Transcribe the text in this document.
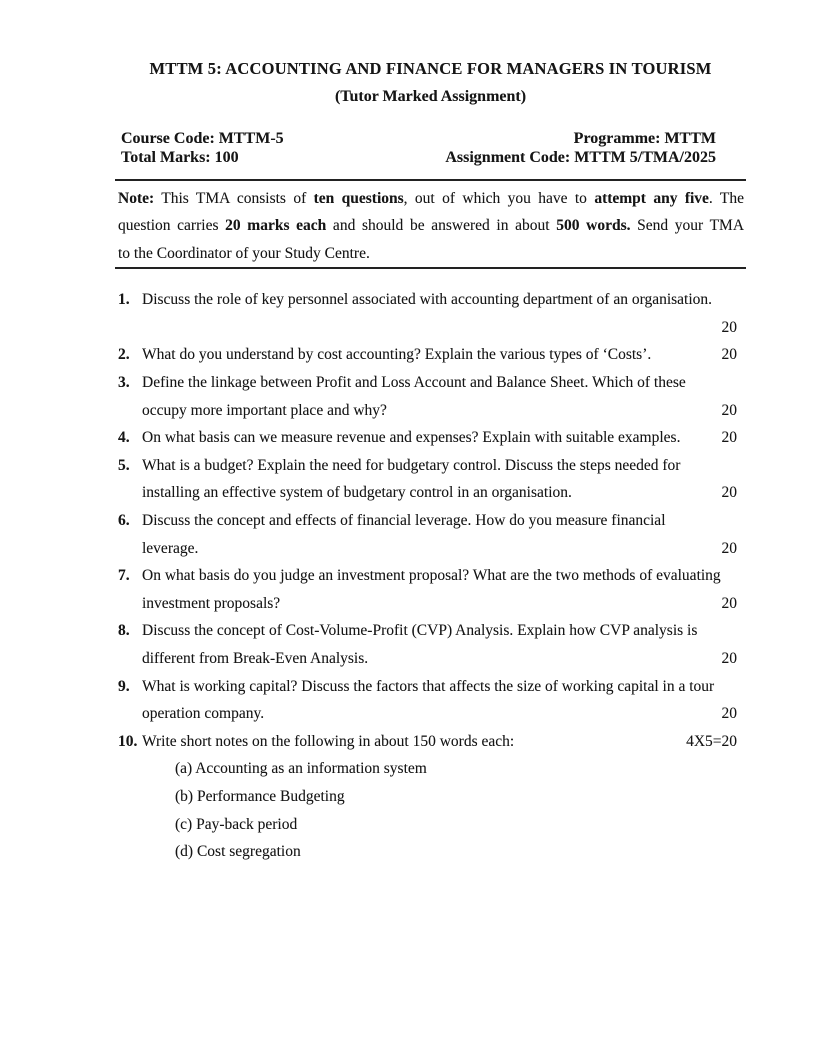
MTTM 5: ACCOUNTING AND FINANCE FOR MANAGERS IN TOURISM
(Tutor Marked Assignment)
Course Code: MTTM-5
Total Marks: 100
Programme: MTTM
Assignment Code: MTTM 5/TMA/2025
Note: This TMA consists of ten questions, out of which you have to attempt any five. The
question carries 20 marks each and should be answered in about 500 words. Send your TMA
to the Coordinator of your Study Centre.
1. Discuss the role of key personnel associated with accounting department of an organisation.
20
2. What do you understand by cost accounting? Explain the various types of ‘Costs’.	20
3. Define the linkage between Profit and Loss Account and Balance Sheet. Which of these
occupy more important place and why?	20
4. On what basis can we measure revenue and expenses? Explain with suitable examples.	20
5. What is a budget? Explain the need for budgetary control. Discuss the steps needed for
installing an effective system of budgetary control in an organisation.	20
6. Discuss the concept and effects of financial leverage. How do you measure financial
leverage.	20
7. On what basis do you judge an investment proposal? What are the two methods of evaluating
investment proposals?	20
8. Discuss the concept of Cost-Volume-Profit (CVP) Analysis. Explain how CVP analysis is
different from Break-Even Analysis.	20
9. What is working capital? Discuss the factors that affects the size of working capital in a tour
operation company.	20
10. Write short notes on the following in about 150 words each:	4X5=20
(a) Accounting as an information system
(b) Performance Budgeting
(c) Pay-back period
(d) Cost segregation
